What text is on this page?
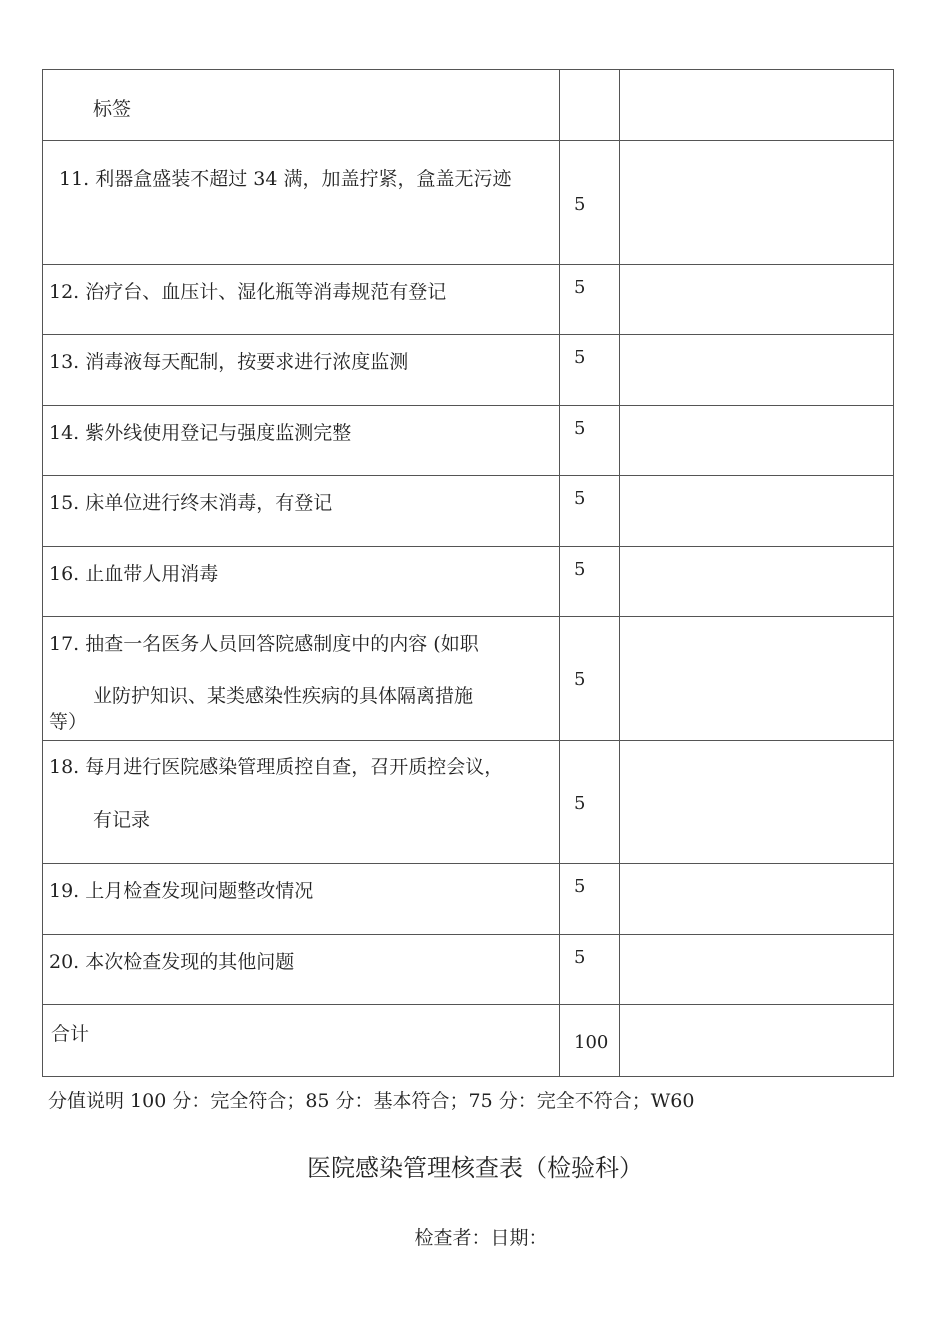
标签		

11. 利器盒盛装不超过 34 满，加盖拧紧，盒盖无污迹	5	

12. 治疗台、血压计、湿化瓶等消毒规范有登记	5	

13. 消毒液每天配制，按要求进行浓度监测	5	

14. 紫外线使用登记与强度监测完整	5	

15. 床单位进行终末消毒，有登记	5	

16. 止血带人用消毒	5	

17. 抽查一名医务人员回答院感制度中的内容 (如职
业防护知识、某类感染性疾病的具体隔离措施
等）	5	

18. 每月进行医院感染管理质控自查，召开质控会议，
有记录	5	

19. 上月检查发现问题整改情况	5	

20. 本次检查发现的其他问题	5	

合计	100	

分值说明 100 分：完全符合；85 分：基本符合；75 分：完全不符合；W60
医院感染管理核查表（检验科）
检查者：日期：
